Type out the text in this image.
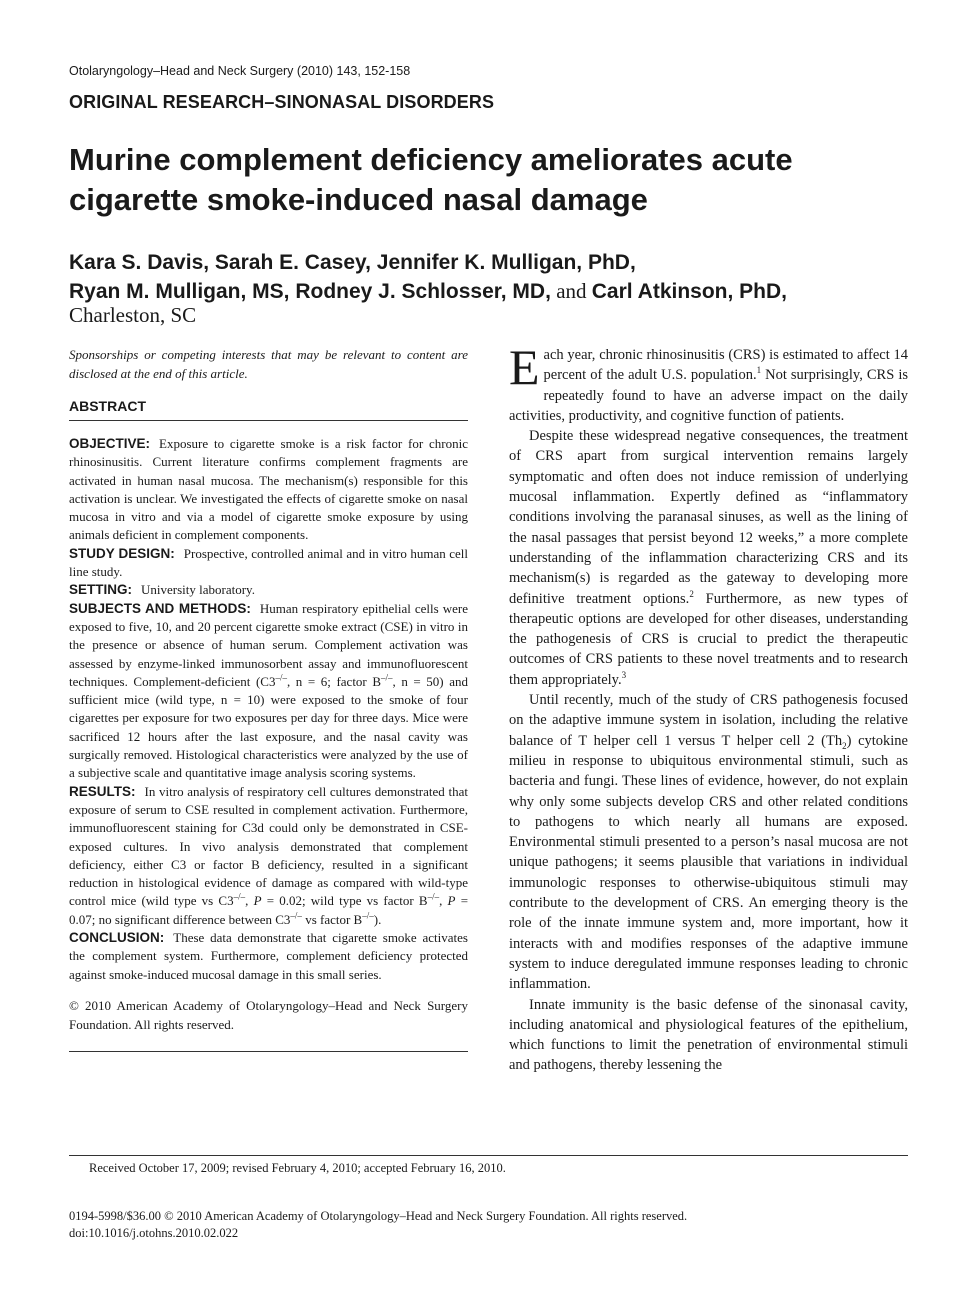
Otolaryngology–Head and Neck Surgery (2010) 143, 152-158
ORIGINAL RESEARCH–SINONASAL DISORDERS
Murine complement deficiency ameliorates acute cigarette smoke-induced nasal damage
Kara S. Davis, Sarah E. Casey, Jennifer K. Mulligan, PhD,
Ryan M. Mulligan, MS, Rodney J. Schlosser, MD, and Carl Atkinson, PhD,
Charleston, SC

Sponsorships or competing interests that may be relevant to content are disclosed at the end of this article.

ABSTRACT

OBJECTIVE: Exposure to cigarette smoke is a risk factor for chronic rhinosinusitis. Current literature confirms complement fragments are activated in human nasal mucosa. The mechanism(s) responsible for this activation is unclear. We investigated the effects of cigarette smoke on nasal mucosa in vitro and via a model of cigarette smoke exposure by using animals deficient in complement components.

STUDY DESIGN: Prospective, controlled animal and in vitro human cell line study.

SETTING: University laboratory.

SUBJECTS AND METHODS: Human respiratory epithelial cells were exposed to five, 10, and 20 percent cigarette smoke extract (CSE) in vitro in the presence or absence of human serum. Complement activation was assessed by enzyme-linked immunosorbent assay and immunofluorescent techniques. Complement-deficient (C3–/–, n = 6; factor B–/–, n = 50) and sufficient mice (wild type, n = 10) were exposed to the smoke of four cigarettes per exposure for two exposures per day for three days. Mice were sacrificed 12 hours after the last exposure, and the nasal cavity was surgically removed. Histological characteristics were analyzed by the use of a subjective scale and quantitative image analysis scoring systems.

RESULTS: In vitro analysis of respiratory cell cultures demonstrated that exposure of serum to CSE resulted in complement activation. Furthermore, immunofluorescent staining for C3d could only be demonstrated in CSE-exposed cultures. In vivo analysis demonstrated that complement deficiency, either C3 or factor B deficiency, resulted in a significant reduction in histological evidence of damage as compared with wild-type control mice (wild type vs C3–/–, P = 0.02; wild type vs factor B–/–, P = 0.07; no significant difference between C3–/– vs factor B–/–).

CONCLUSION: These data demonstrate that cigarette smoke activates the complement system. Furthermore, complement deficiency protected against smoke-induced mucosal damage in this small series.

© 2010 American Academy of Otolaryngology–Head and Neck Surgery Foundation. All rights reserved.

Each year, chronic rhinosinusitis (CRS) is estimated to affect 14 percent of the adult U.S. population.$^1$ Not surprisingly, CRS is repeatedly found to have an adverse impact on the daily activities, productivity, and cognitive function of patients.

Despite these widespread negative consequences, the treatment of CRS apart from surgical intervention remains largely symptomatic and often does not induce remission of underlying mucosal inflammation. Expertly defined as “inflammatory conditions involving the paranasal sinuses, as well as the lining of the nasal passages that persist beyond 12 weeks,” a more complete understanding of the inflammation characterizing CRS and its mechanism(s) is regarded as the gateway to developing more definitive treatment options.$^2$ Furthermore, as new types of therapeutic options are developed for other diseases, understanding the pathogenesis of CRS is crucial to predict the therapeutic outcomes of CRS patients to these novel treatments and to research them appropriately.$^3$

Until recently, much of the study of CRS pathogenesis focused on the adaptive immune system in isolation, including the relative balance of T helper cell 1 versus T helper cell 2 $(Th_2)$ cytokine milieu in response to ubiquitous environmental stimuli, such as bacteria and fungi. These lines of evidence, however, do not explain why only some subjects develop CRS and other related conditions to pathogens to which nearly all humans are exposed. Environmental stimuli presented to a person’s nasal mucosa are not unique pathogens; it seems plausible that variations in individual immunologic responses to otherwise-ubiquitous stimuli may contribute to the development of CRS. An emerging theory is the role of the innate immune system and, more important, how it interacts with and modifies responses of the adaptive immune system to induce deregulated immune responses leading to chronic inflammation.

Innate immunity is the basic defense of the sinonasal cavity, including anatomical and physiological features of the epithelium, which functions to limit the penetration of environmental stimuli and pathogens, thereby lessening the

Received October 17, 2009; revised February 4, 2010; accepted February 16, 2010.
0194-5998/$36.00 © 2010 American Academy of Otolaryngology–Head and Neck Surgery Foundation. All rights reserved.
doi:10.1016/j.otohns.2010.02.022
